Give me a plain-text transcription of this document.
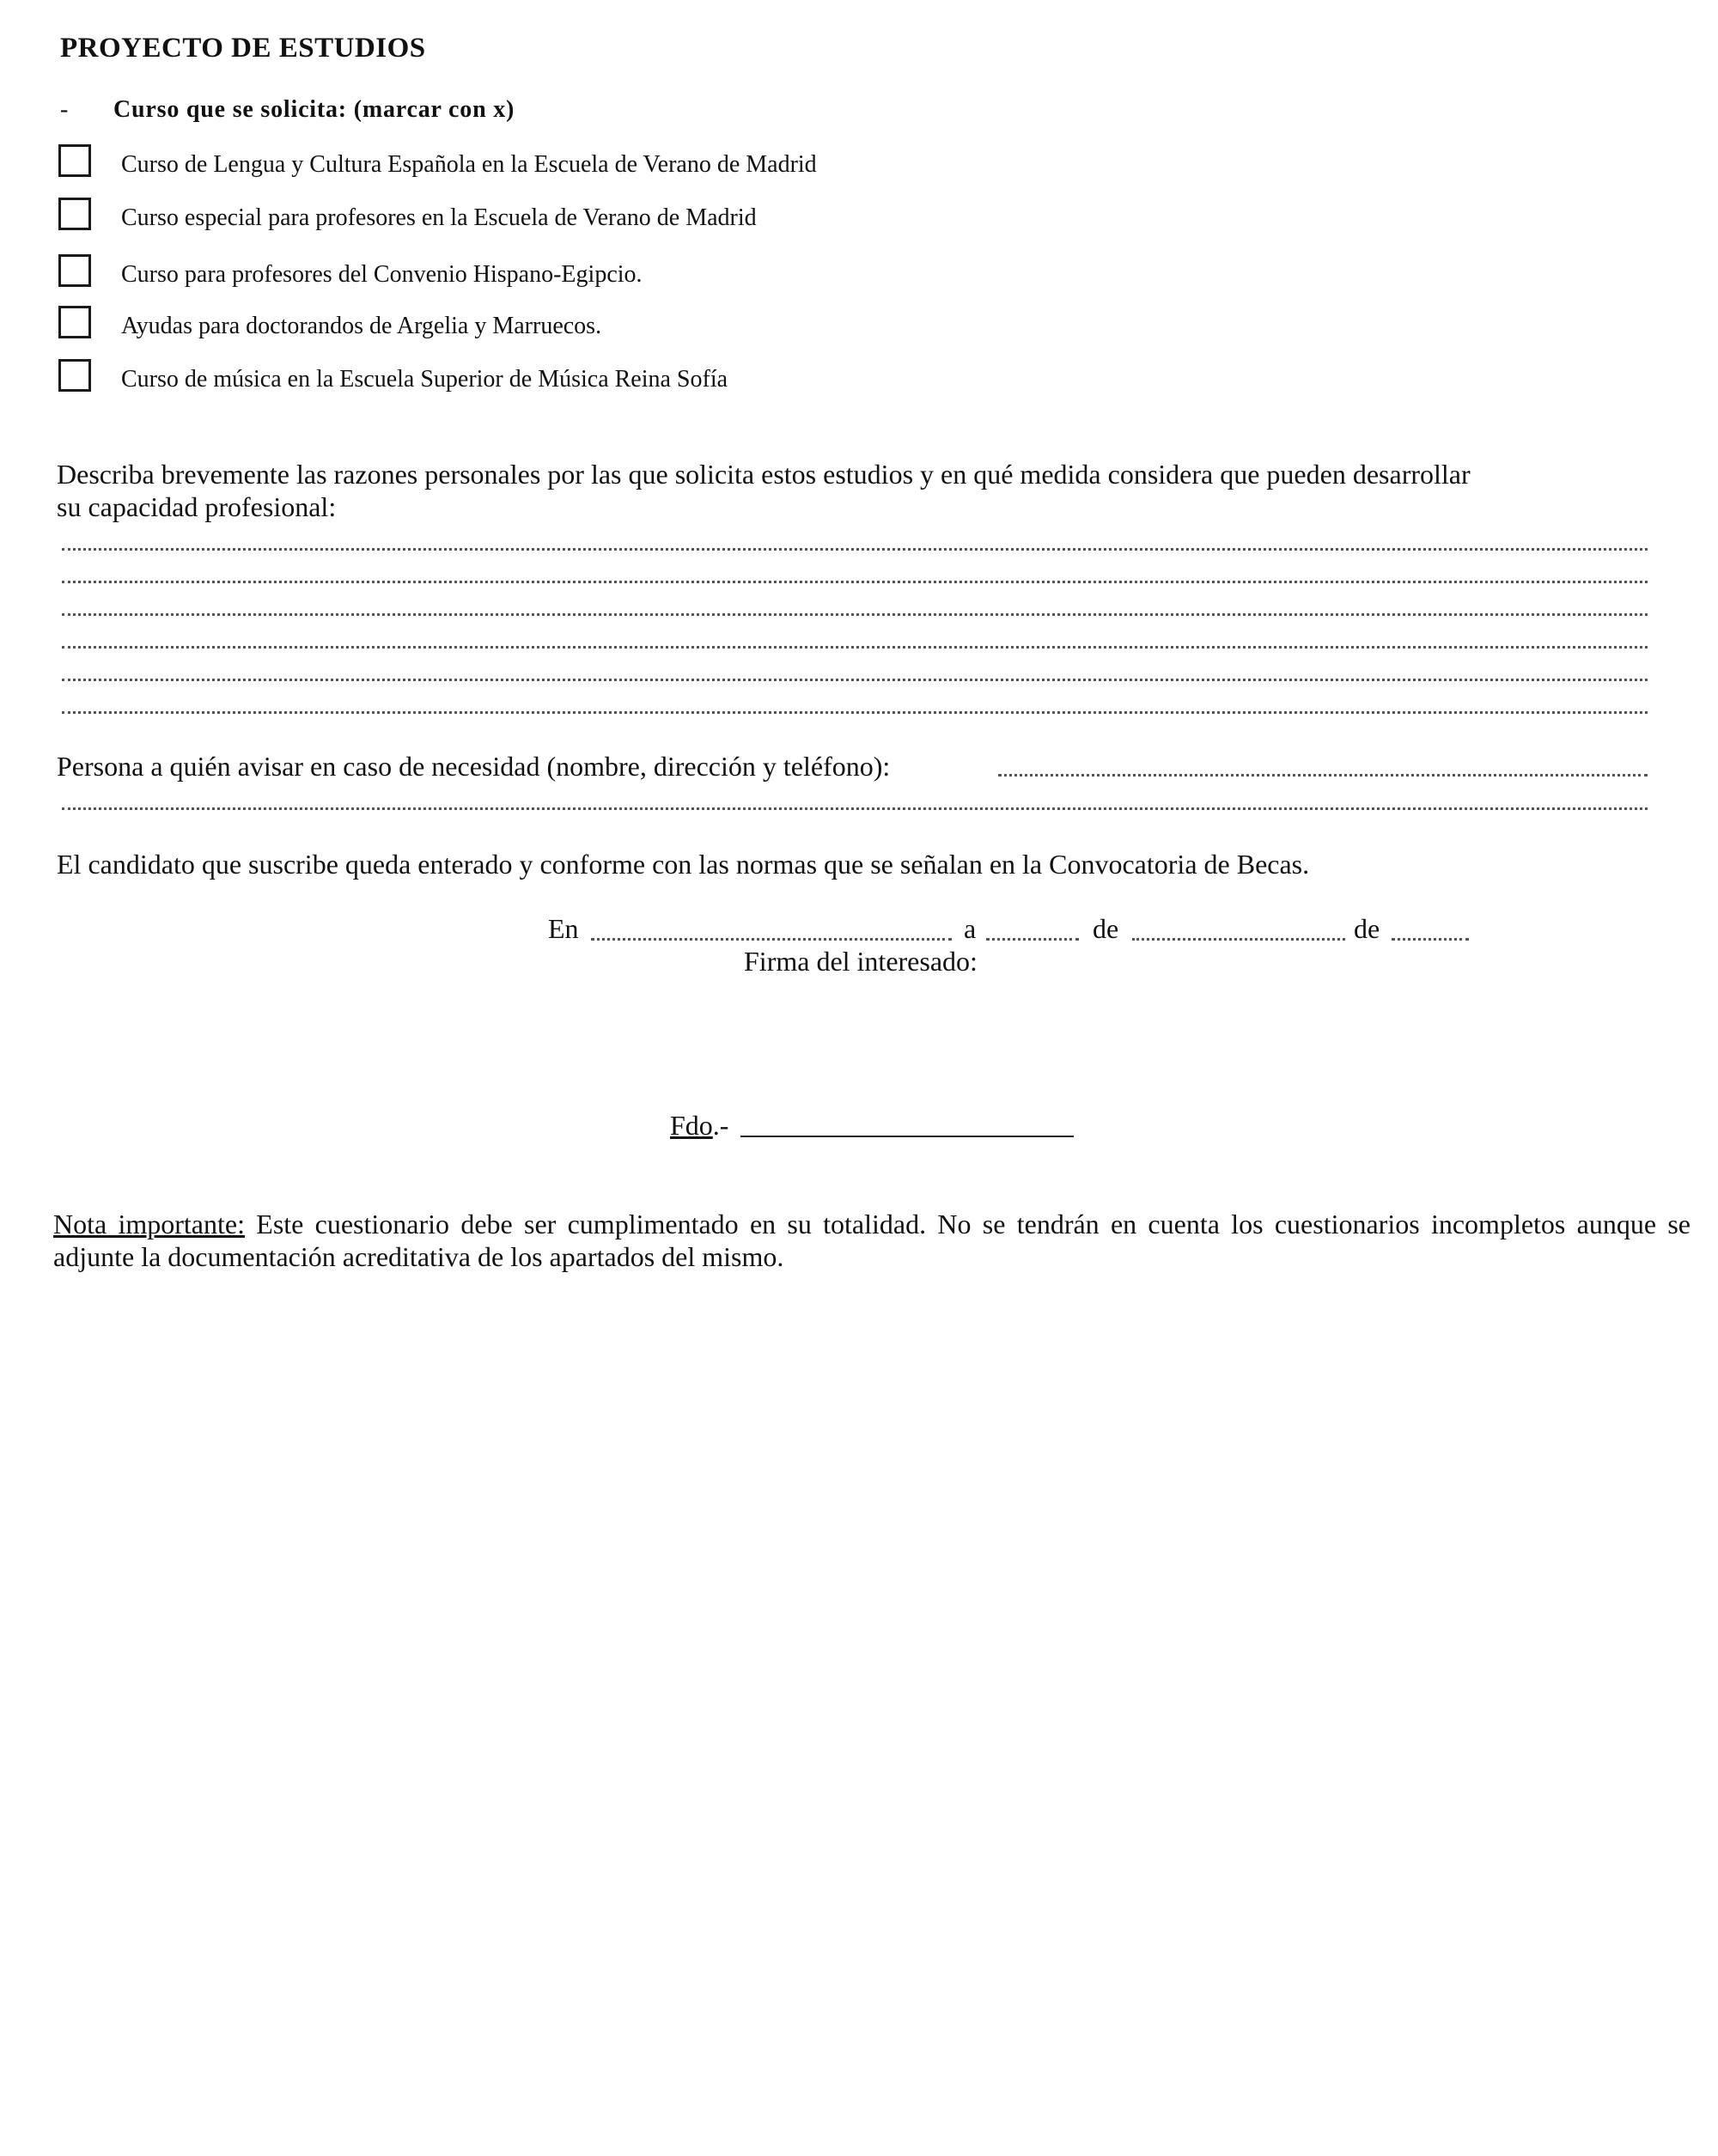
PROYECTO DE ESTUDIOS
- Curso que se solicita: (marcar con x)
Curso de Lengua y Cultura Española en la Escuela de Verano de Madrid
Curso especial para profesores en la Escuela de Verano de Madrid
Curso para profesores del Convenio Hispano-Egipcio.
Ayudas para doctorandos de Argelia y Marruecos.
Curso de música en la Escuela Superior de Música Reina Sofía
Describa brevemente las razones personales por las que solicita estos estudios y en qué medida considera que pueden desarrollar
su capacidad profesional:
Persona a quién avisar en caso de necesidad (nombre, dirección y teléfono):
El candidato que suscribe queda enterado y conforme con las normas que se señalan en la Convocatoria de Becas.
En	a	de	de
Firma del interesado:
Fdo.-
Nota importante: Este cuestionario debe ser cumplimentado en su totalidad. No se tendrán en cuenta los cuestionarios incompletos aunque se adjunte la documentación acreditativa de los apartados del mismo.
